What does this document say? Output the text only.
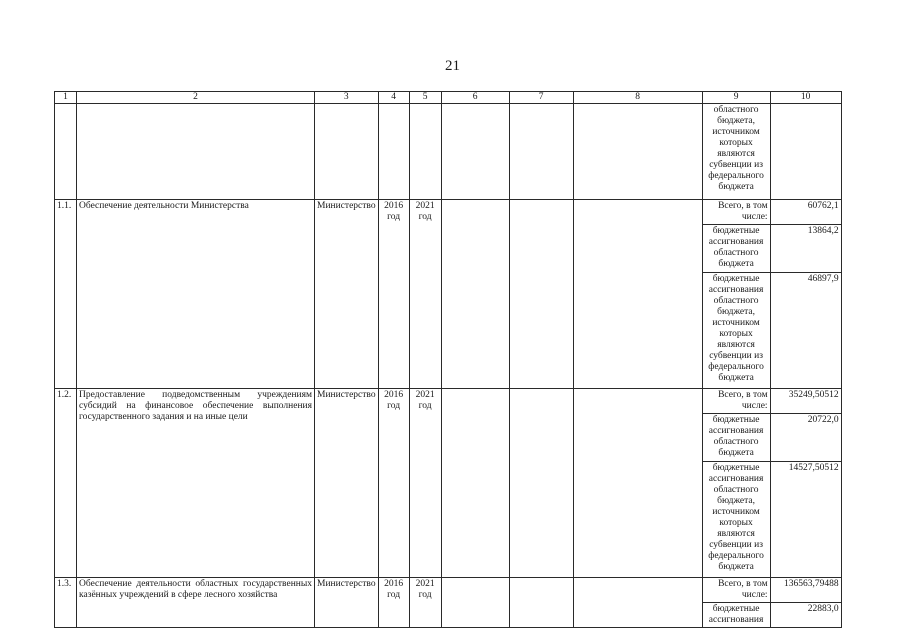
21
1	2	3	4	5	6	7	8	9	10
								областного бюджета, источником которых являются субвенции из федерального бюджета	
1.1.	Обеспечение деятельности Министерства	Министерство	2016 год	2021 год				Всего, в том числе:	60762,1
								бюджетные ассигнования областного бюджета	13864,2
								бюджетные ассигнования областного бюджета, источником которых являются субвенции из федерального бюджета	46897,9
1.2.	Предоставление подведомственным учреждениям субсидий на финансовое обеспечение выполнения государственного задания и на иные цели	Министерство	2016 год	2021 год				Всего, в том числе:	35249,50512
								бюджетные ассигнования областного бюджета	20722,0
								бюджетные ассигнования областного бюджета, источником которых являются субвенции из федерального бюджета	14527,50512
1.3.	Обеспечение деятельности областных государственных казённых учреждений в сфере лесного хозяйства	Министерство	2016 год	2021 год				Всего, в том числе:	136563,79488
								бюджетные ассигнования	22883,0
